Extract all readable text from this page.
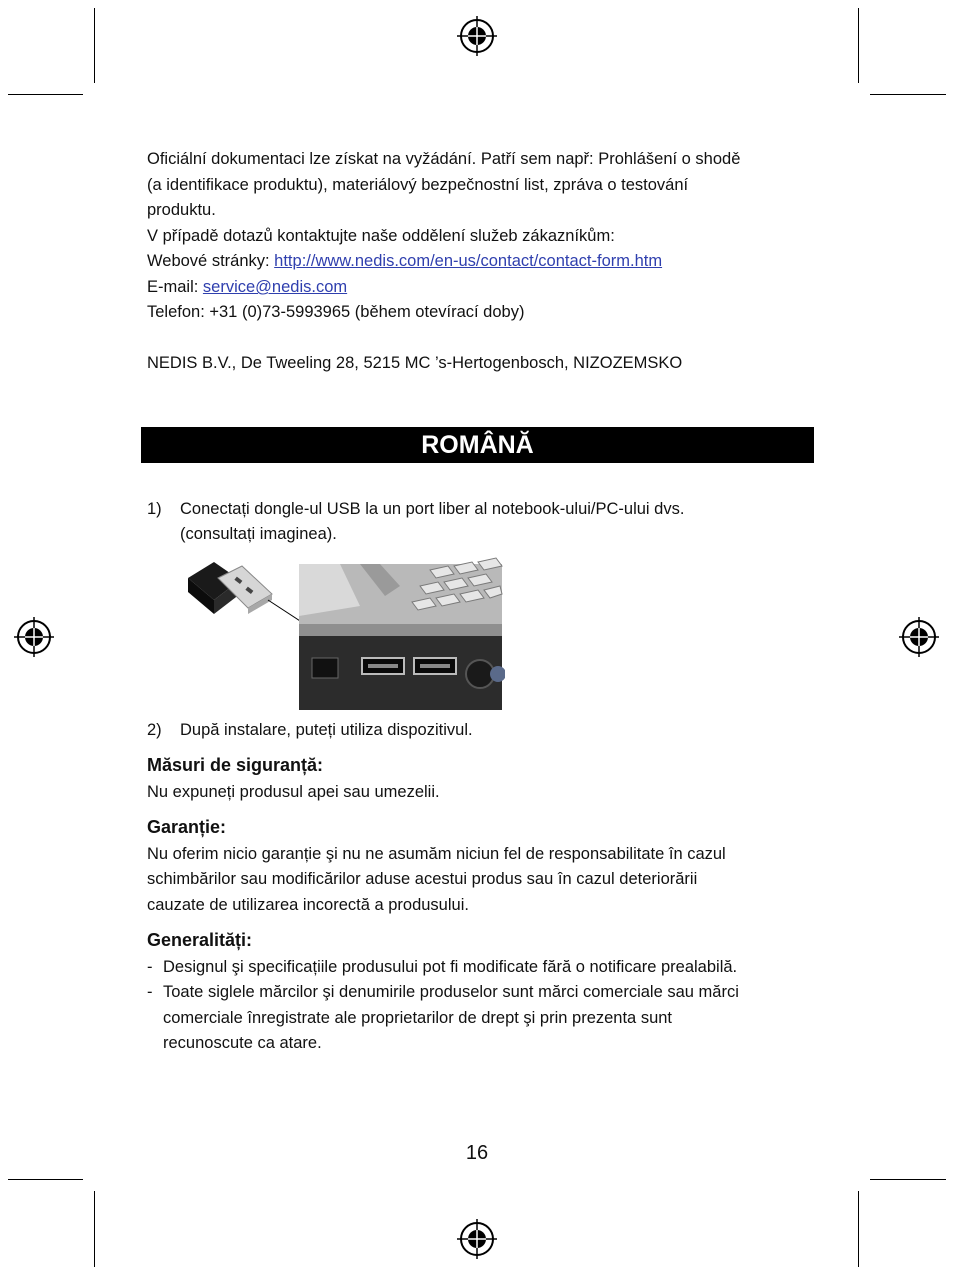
Oficiální dokumentaci lze získat na vyžádání. Patří sem např: Prohlášení o shodě
(a identifikace produktu), materiálový bezpečnostní list, zpráva o testování
produktu.
V případě dotazů kontaktujte naše oddělení služeb zákazníkům:
Webové stránky: http://www.nedis.com/en-us/contact/contact-form.htm
E-mail: service@nedis.com
Telefon: +31 (0)73-5993965 (během otevírací doby)
NEDIS B.V., De Tweeling 28, 5215 MC ’s-Hertogenbosch, NIZOZEMSKO
ROMÂNĂ
1) Conectați dongle-ul USB la un port liber al notebook-ului/PC-ului dvs.
(consultați imaginea).
2) După instalare, puteți utiliza dispozitivul.
Măsuri de siguranță:
Nu expuneți produsul apei sau umezelii.
Garanție:
Nu oferim nicio garanție şi nu ne asumăm niciun fel de responsabilitate în cazul
schimbărilor sau modificărilor aduse acestui produs sau în cazul deteriorării
cauzate de utilizarea incorectă a produsului.
Generalități:
- Designul şi specificațiile produsului pot fi modificate fără o notificare prealabilă.
- Toate siglele mărcilor şi denumirile produselor sunt mărci comerciale sau mărci
comerciale înregistrate ale proprietarilor de drept şi prin prezenta sunt
recunoscute ca atare.
16
